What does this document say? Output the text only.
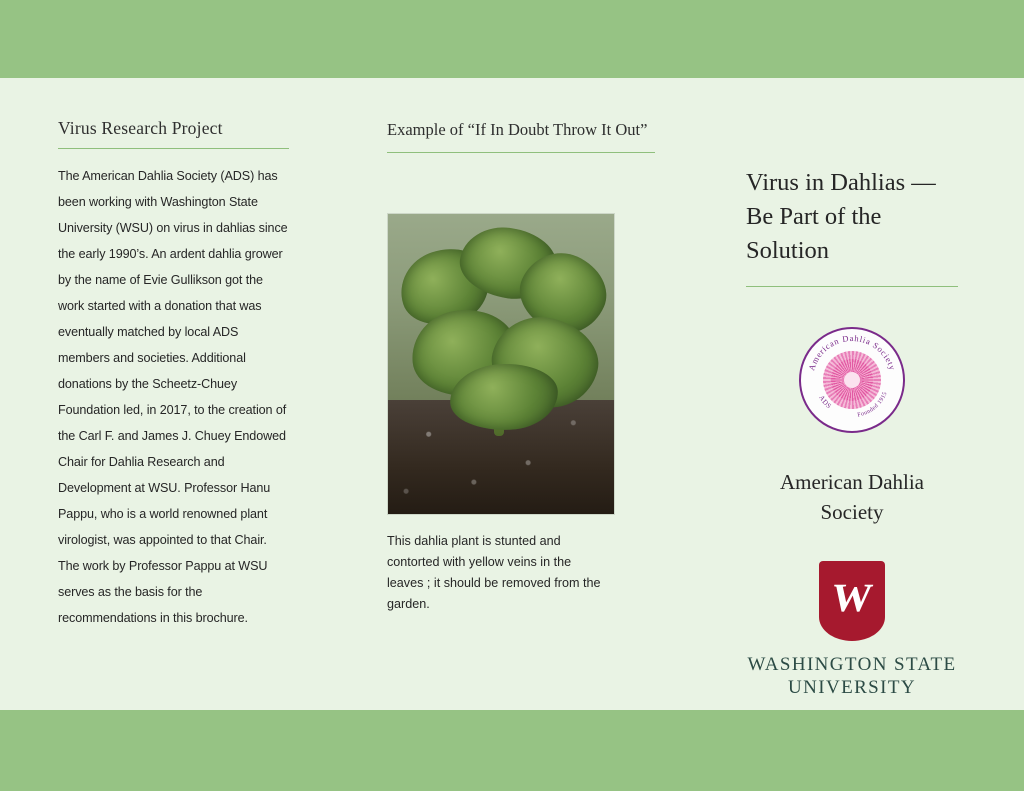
Virus Research Project

The American Dahlia Society (ADS) has been working with Washington State University (WSU) on virus in dahlias since the early 1990’s. An ardent dahlia grower by the name of Evie Gullikson got the work started with a donation that was eventually matched by local ADS members and societies. Additional donations by the Scheetz-Chuey Foundation led, in 2017, to the creation of the Carl F. and James J. Chuey Endowed Chair for Dahlia Research and Development at WSU. Professor Hanu Pappu, who is a world renowned plant virologist, was appointed to that Chair. The work by Professor Pappu at WSU serves as the basis for the recommendations in this brochure.

Example of “If In Doubt Throw It Out”

This dahlia plant is stunted and contorted with yellow veins in the leaves ; it should be removed from the garden.

Virus in Dahlias — Be Part of the Solution
American Dahlia Society
ADS
Founded 1915
American Dahlia Society
W
WASHINGTON STATE
UNIVERSITY
